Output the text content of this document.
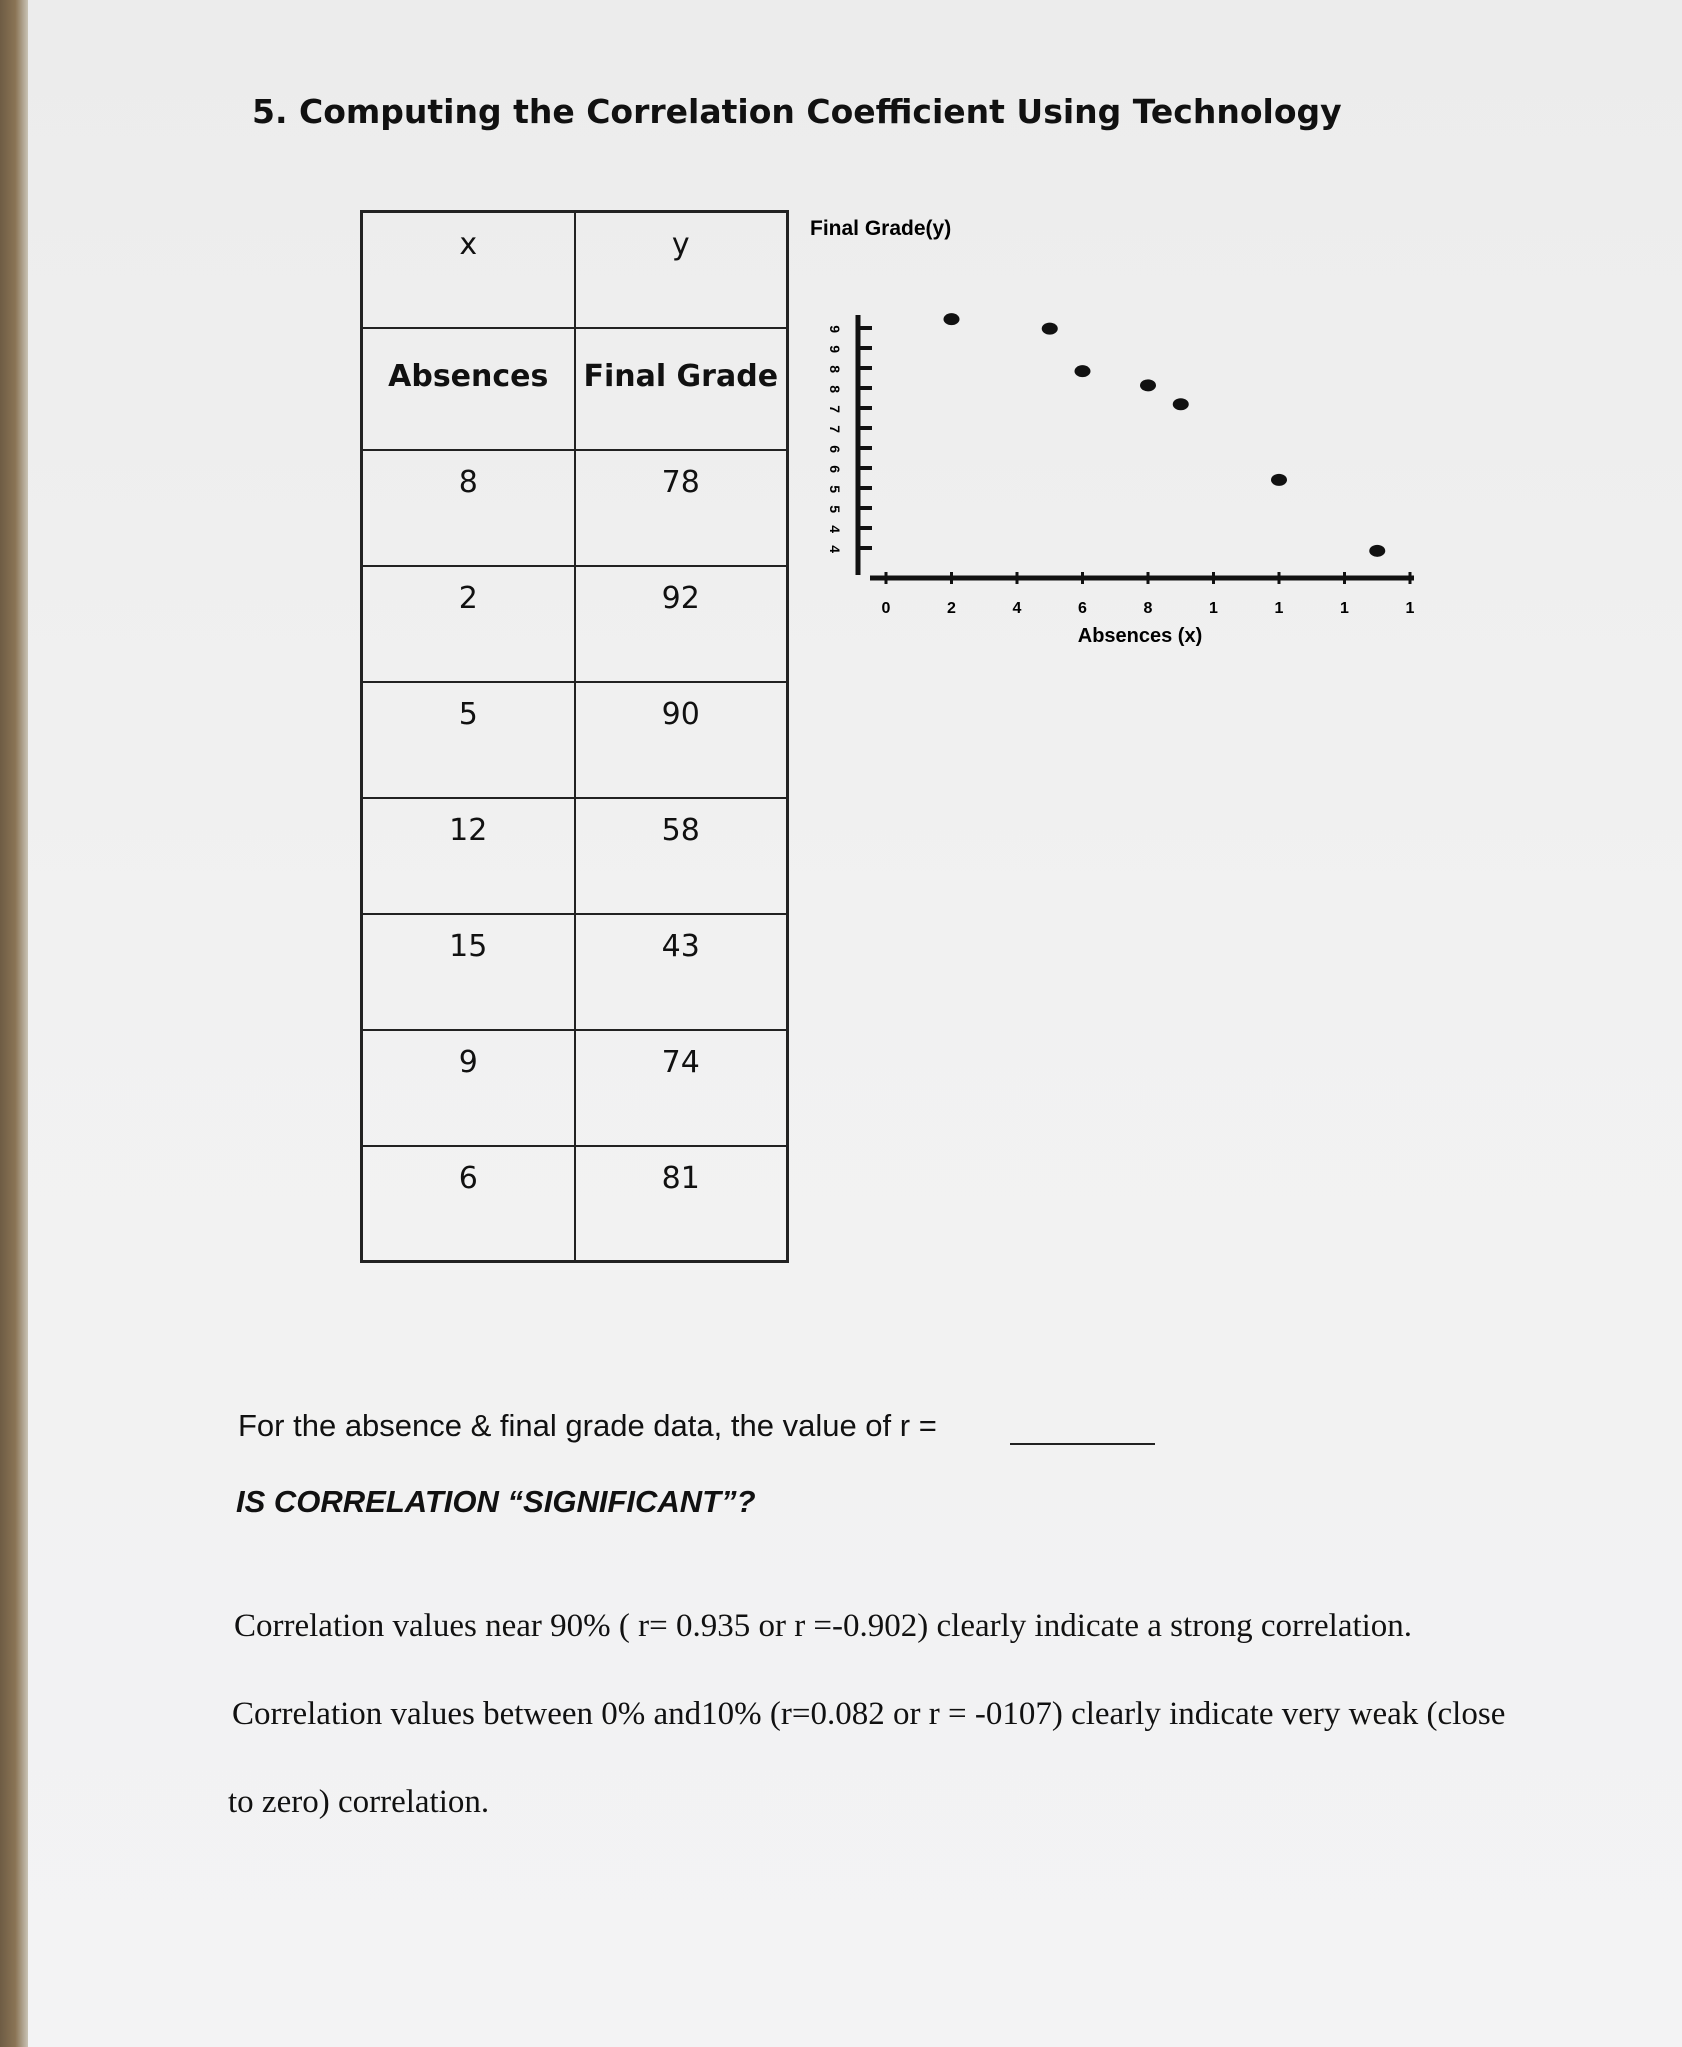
5. Computing the Correlation Coefficient Using Technology
x	y
Absences	Final Grade
8	78
2	92
5	90
12	58
15	43
9	74
6	81
Final Grade(y)
9
9
8
8
7
7
6
6
5
5
4
4
0	2	4	6	8	1	1	1	1
Absences (x)

For the absence & final grade data, the value of r =

IS CORRELATION “SIGNIFICANT”?

Correlation values near 90% ( r= 0.935 or r =-0.902) clearly indicate a strong correlation.

Correlation values between 0% and10% (r=0.082 or r = -0107) clearly indicate very weak (close

to zero) correlation.
